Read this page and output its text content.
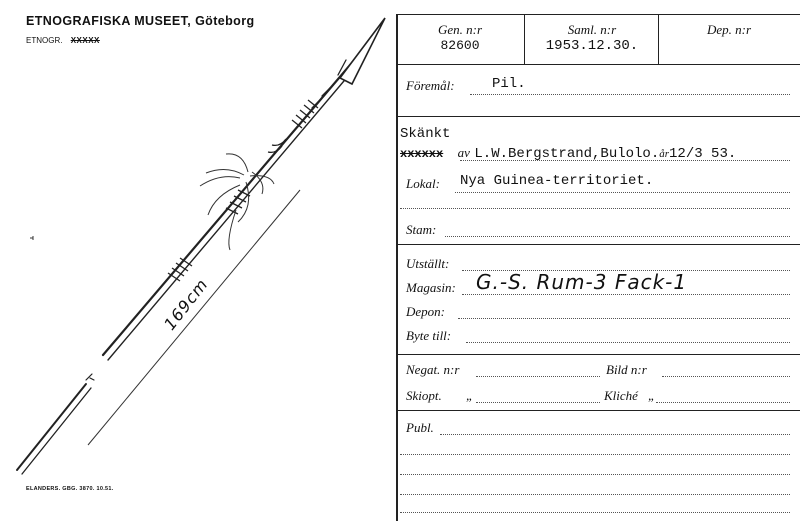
ETNOGRAFISKA MUSEET, Göteborg
ETNOGR. XXXXX
169cm
ELANDERS. GBG. 3870. 10.51.
Gen. n:r
82600
Saml. n:r
1953.12.30.
Dep. n:r
Föremål:	Pil.
Skänkt
xxxxxx av L.W.Bergstrand,Bulolo.år12/3 53.
Lokal: Nya Guinea-territoriet.
Stam:
Utställt:
Magasin: G.-S. Rum-3 Fack-1
Depon:
Byte till:
Negat. n:r	Bild n:r
Skiopt. „	Kliché „
Publ.
